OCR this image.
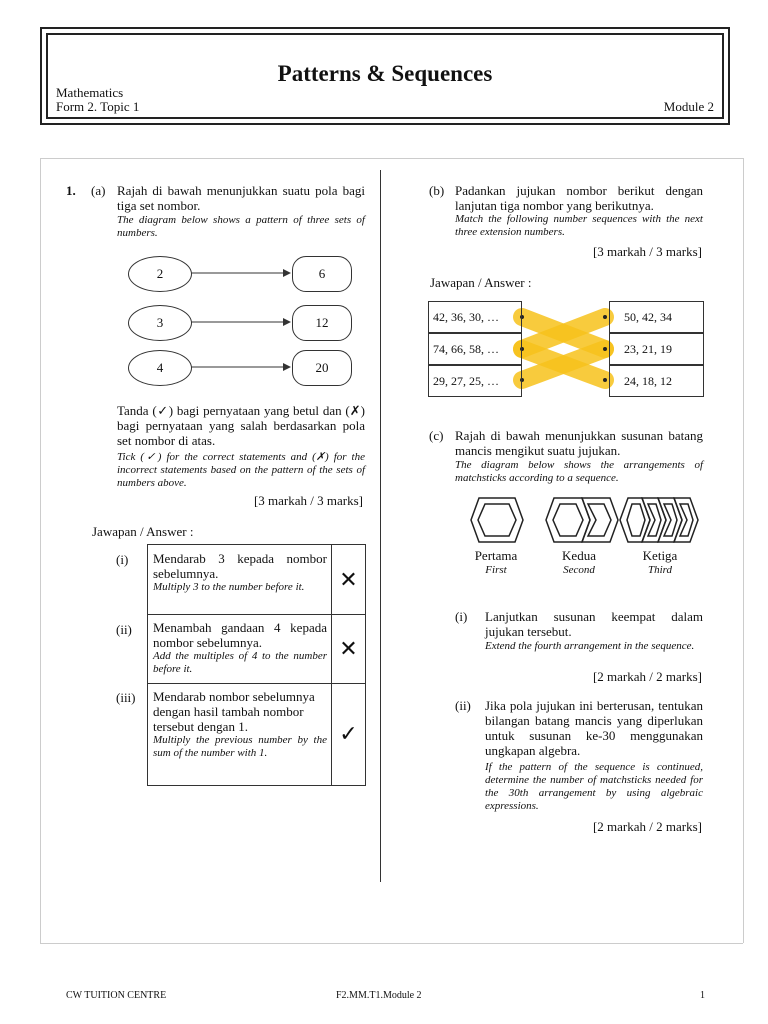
Patterns & Sequences
Mathematics
Form 2. Topic 1	Module 2
1. (a) Rajah di bawah menunjukkan suatu pola bagi tiga set nombor.
The diagram below shows a pattern of three sets of numbers.
2
3
4
6
12
20
Tanda (✓) bagi pernyataan yang betul dan (✗) bagi pernyataan yang salah berdasarkan pola set nombor di atas.
Tick (✓) for the correct statements and (✗) for the incorrect statements based on the pattern of the sets of numbers above.
[3 markah / 3 marks]
Jawapan / Answer :
(i)
(ii)
(iii)
Mendarab 3 kepada nombor sebelumnya.
Multiply 3 to the number before it.	✕
Menambah gandaan 4 kepada nombor sebelumnya.
Add the multiples of 4 to the number before it.
✕
Mendarab nombor sebelumnya dengan hasil tambah nombor tersebut dengan 1.
Multiply the previous number by the sum of the number with 1.
✓
(b) Padankan jujukan nombor berikut dengan lanjutan tiga nombor yang berikutnya.
Match the following number sequences with the next three extension numbers.
[3 markah / 3 marks]
Jawapan / Answer :
42, 36, 30, …
74, 66, 58, …
29, 27, 25, …
50, 42, 34
23, 21, 19
24, 18, 12
(c) Rajah di bawah menunjukkan susunan batang mancis mengikut suatu jujukan.
The diagram below shows the arrangements of matchsticks according to a sequence.
Pertama
First
Kedua
Second
Ketiga
Third
(i) Lanjutkan susunan keempat dalam jujukan tersebut.
Extend the fourth arrangement in the sequence.
[2 markah / 2 marks]
(ii) Jika pola jujukan ini berterusan, tentukan bilangan batang mancis yang diperlukan untuk susunan ke-30 menggunakan ungkapan algebra.
If the pattern of the sequence is continued, determine the number of matchsticks needed for the 30th arrangement by using algebraic expressions.
[2 markah / 2 marks]
CW TUITION CENTRE	F2.MM.T1.Module 2	1
